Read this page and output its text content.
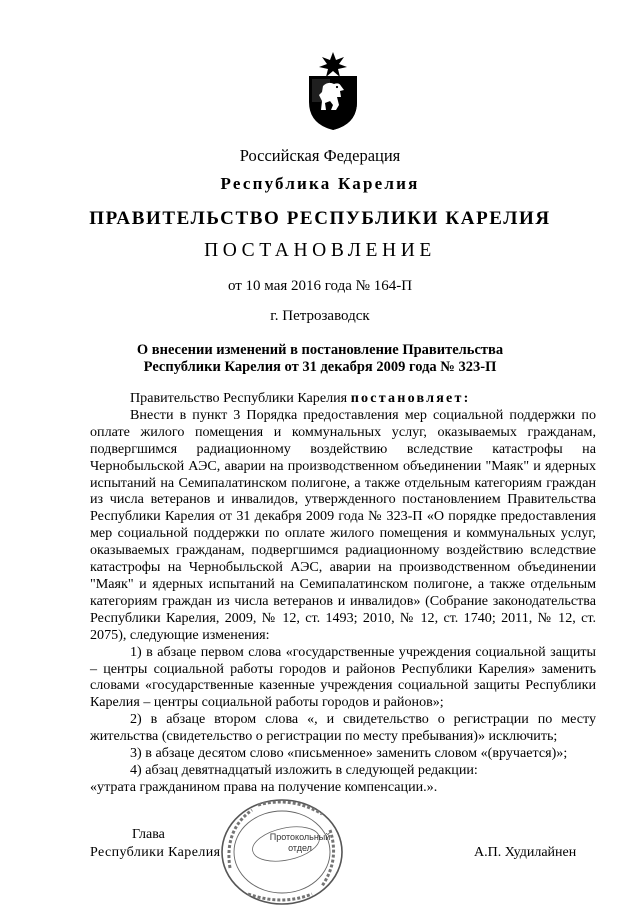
Российская Федерация
Республика Карелия
ПРАВИТЕЛЬСТВО РЕСПУБЛИКИ КАРЕЛИЯ
ПОСТАНОВЛЕНИЕ
от 10 мая 2016 года № 164-П
г. Петрозаводск
О внесении изменений в постановление Правительства
Республики Карелия от 31 декабря 2009 года № 323-П

Правительство Республики Карелия постановляет:

Внести в пункт 3 Порядка предоставления мер социальной поддержки по оплате жилого помещения и коммунальных услуг, оказываемых гражданам, подвергшимся радиационному воздействию вследствие катастрофы на Чернобыльской АЭС, аварии на производственном объединении "Маяк" и ядерных испытаний на Семипалатинском полигоне, а также отдельным категориям граждан из числа ветеранов и инвалидов, утвержденного постановлением Правительства Республики Карелия от 31 декабря 2009 года № 323-П «О порядке предоставления мер социальной поддержки по оплате жилого помещения и коммунальных услуг, оказываемых гражданам, подвергшимся радиационному воздействию вследствие катастрофы на Чернобыльской АЭС, аварии на производственном объединении "Маяк" и ядерных испытаний на Семипалатинском полигоне, а также отдельным категориям граждан из числа ветеранов и инвалидов» (Собрание законодательства Республики Карелия, 2009, № 12, ст. 1493; 2010, № 12, ст. 1740; 2011, № 12, ст. 2075), следующие изменения:

1) в абзаце первом слова «государственные учреждения социальной защиты – центры социальной работы городов и районов Республики Карелия» заменить словами «государственные казенные учреждения социальной защиты Республики Карелия – центры социальной работы городов и районов»;

2) в абзаце втором слова «, и свидетельство о регистрации по месту жительства (свидетельство о регистрации по месту пребывания)» исключить;

3) в абзаце десятом слово «письменное» заменить словом «(вручается)»;

4) абзац девятнадцатый изложить в следующей редакции:

«утрата гражданином права на получение компенсации.».

Глава
Республики Карелия	А.П. Худилайнен
Протокольный
отдел
